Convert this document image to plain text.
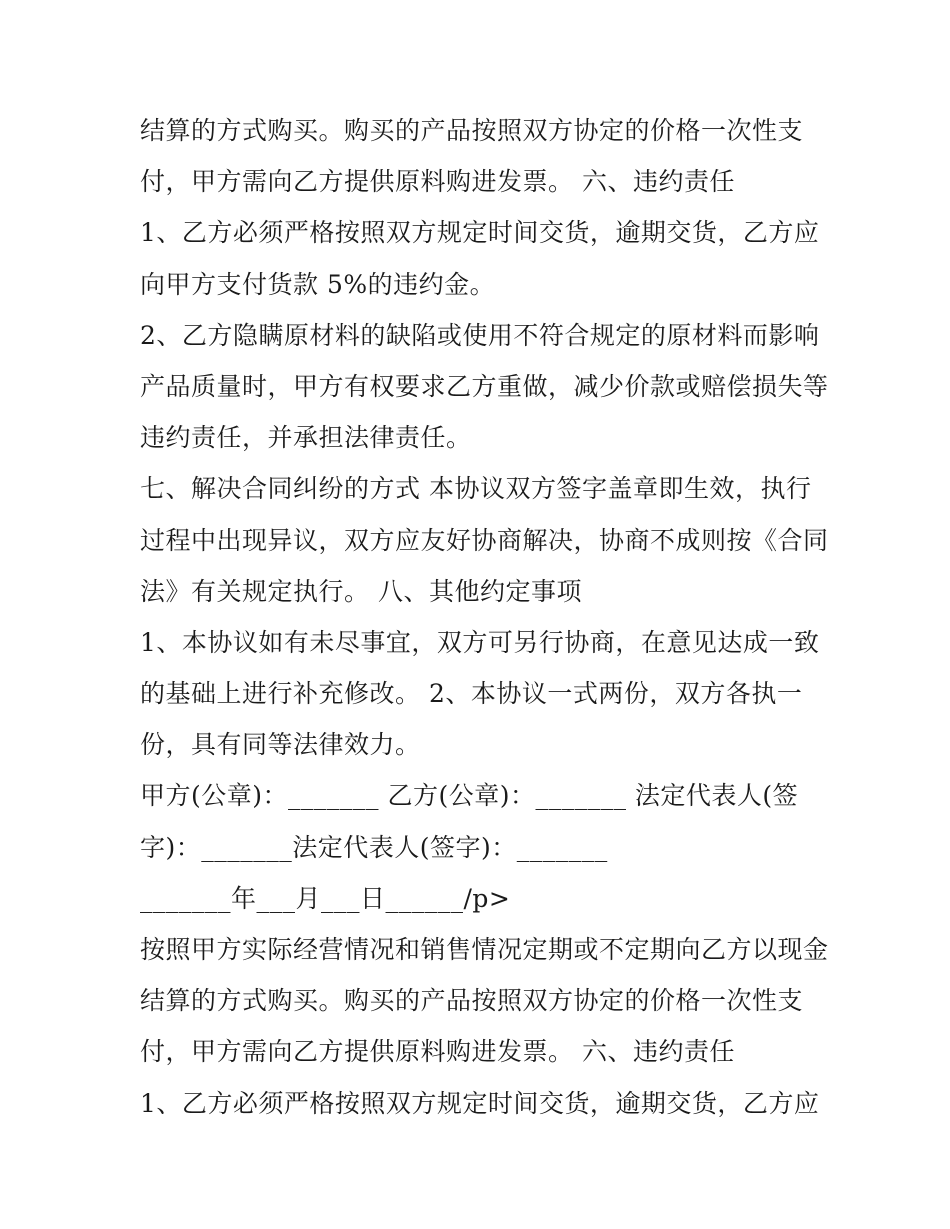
结算的方式购买。购买的产品按照双方协定的价格一次性支
付，甲方需向乙方提供原料购进发票。 六、违约责任
1、乙方必须严格按照双方规定时间交货，逾期交货，乙方应
向甲方支付货款 5%的违约金。
2、乙方隐瞒原材料的缺陷或使用不符合规定的原材料而影响
产品质量时，甲方有权要求乙方重做，减少价款或赔偿损失等
违约责任，并承担法律责任。
七、解决合同纠纷的方式 本协议双方签字盖章即生效，执行
过程中出现异议，双方应友好协商解决，协商不成则按《合同
法》有关规定执行。 八、其他约定事项
1、本协议如有未尽事宜，双方可另行协商，在意见达成一致
的基础上进行补充修改。 2、本协议一式两份，双方各执一
份，具有同等法律效力。
甲方(公章)：_______ 乙方(公章)：_______ 法定代表人(签
字)：_______法定代表人(签字)：_______
_______年___月___日______/p>
按照甲方实际经营情况和销售情况定期或不定期向乙方以现金
结算的方式购买。购买的产品按照双方协定的价格一次性支
付，甲方需向乙方提供原料购进发票。 六、违约责任
1、乙方必须严格按照双方规定时间交货，逾期交货，乙方应
